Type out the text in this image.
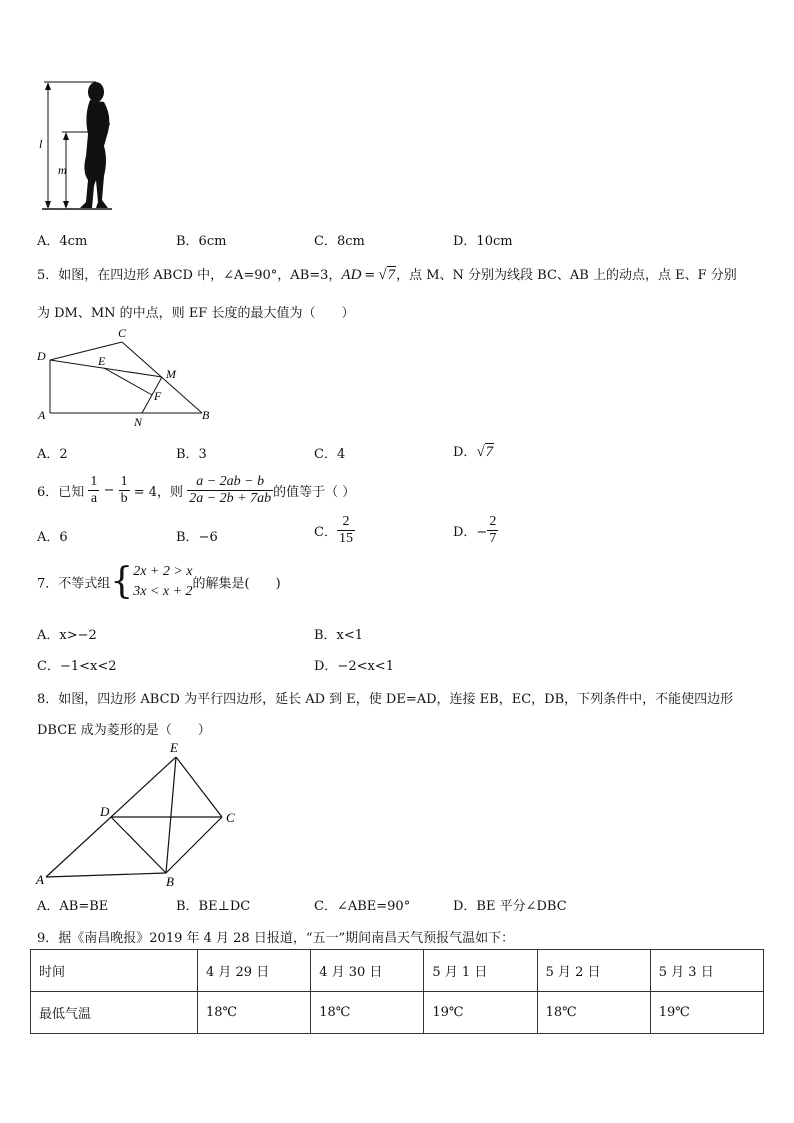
l
m
A．4cm	B．6cm	C．8cm	D．10cm
5．如图，在四边形 ABCD 中，∠A=90°，AB=3，AD = √7，点 M、N 分别为线段 BC、AB 上的动点，点 E、F 分别
为 DM、MN 的中点，则 EF 长度的最大值为（　　）
D
C
E
M
F
A	N	B
A．2	B．3	C．4	D．√7
6．已知 $\frac{1}{a} - \frac{1}{b} = 4$，则 $\frac{a - 2ab - b}{2a - 2b + 7ab}$ 的值等于（ ）
A．6	B．−6	C． $\frac{2}{15}$	D．− $\frac{2}{7}$
7．不等式组{ 2x + 2 > x
3x < x + 2 的解集是(　　)
A．x>−2	B．x<1
C．−1<x<2	D．−2<x<1
8．如图，四边形 ABCD 为平行四边形，延长 AD 到 E，使 DE=AD，连接 EB，EC，DB，下列条件中，不能使四边形
DBCE 成为菱形的是（　　）
E
D	C
A	B
A．AB=BE	B．BE⊥DC	C．∠ABE=90°	D．BE 平分∠DBC
9．据《南昌晚报》2019 年 4 月 28 日报道，“五一”期间南昌天气预报气温如下：
时间	4 月 29 日	4 月 30 日	5 月 1 日	5 月 2 日	5 月 3 日
最低气温	18℃	18℃	19℃	18℃	19℃
